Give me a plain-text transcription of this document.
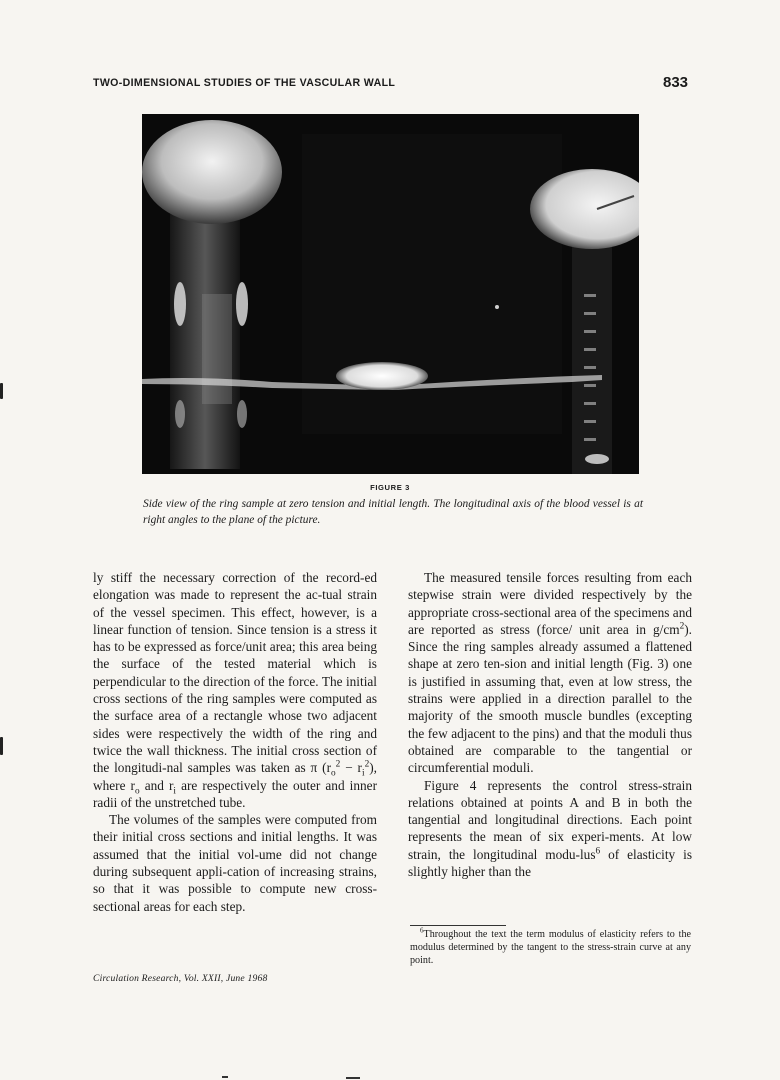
TWO-DIMENSIONAL STUDIES OF THE VASCULAR WALL	833
FIGURE 3
Side view of the ring sample at zero tension and initial length. The longitudinal axis of the blood vessel is at right angles to the plane of the picture.

ly stiff the necessary correction of the record-ed elongation was made to represent the ac-tual strain of the vessel specimen. This effect, however, is a linear function of tension. Since tension is a stress it has to be expressed as force/unit area; this area being the surface of the tested material which is perpendicular to the direction of the force. The initial cross sections of the ring samples were computed as the surface area of a rectangle whose two adjacent sides were respectively the width of the ring and twice the wall thickness. The initial cross section of the longitudi-nal samples was taken as π $(r_o^2 - r_i^2)$, where $r_o$ and $r_i$ are respectively the outer and inner radii of the unstretched tube.

The volumes of the samples were computed from their initial cross sections and initial lengths. It was assumed that the initial vol-ume did not change during subsequent appli-cation of increasing strains, so that it was possible to compute new cross-sectional areas for each step.

The measured tensile forces resulting from each stepwise strain were divided respectively by the appropriate cross-sectional area of the specimens and are reported as stress (force/ unit area in $g/cm^2$). Since the ring samples already assumed a flattened shape at zero ten-sion and initial length (Fig. 3) one is justified in assuming that, even at low stress, the strains were applied in a direction parallel to the majority of the smooth muscle bundles (excepting the few adjacent to the pins) and that the moduli thus obtained are comparable to the tangential or circumferential moduli.

Figure 4 represents the control stress-strain relations obtained at points A and B in both the tangential and longitudinal directions. Each point represents the mean of six experi-ments. At low strain, the longitudinal modu-lus$^6$ of elasticity is slightly higher than the

$^6$Throughout the text the term modulus of elasticity refers to the modulus determined by the tangent to the stress-strain curve at any point.
Circulation Research, Vol. XXII, June 1968
